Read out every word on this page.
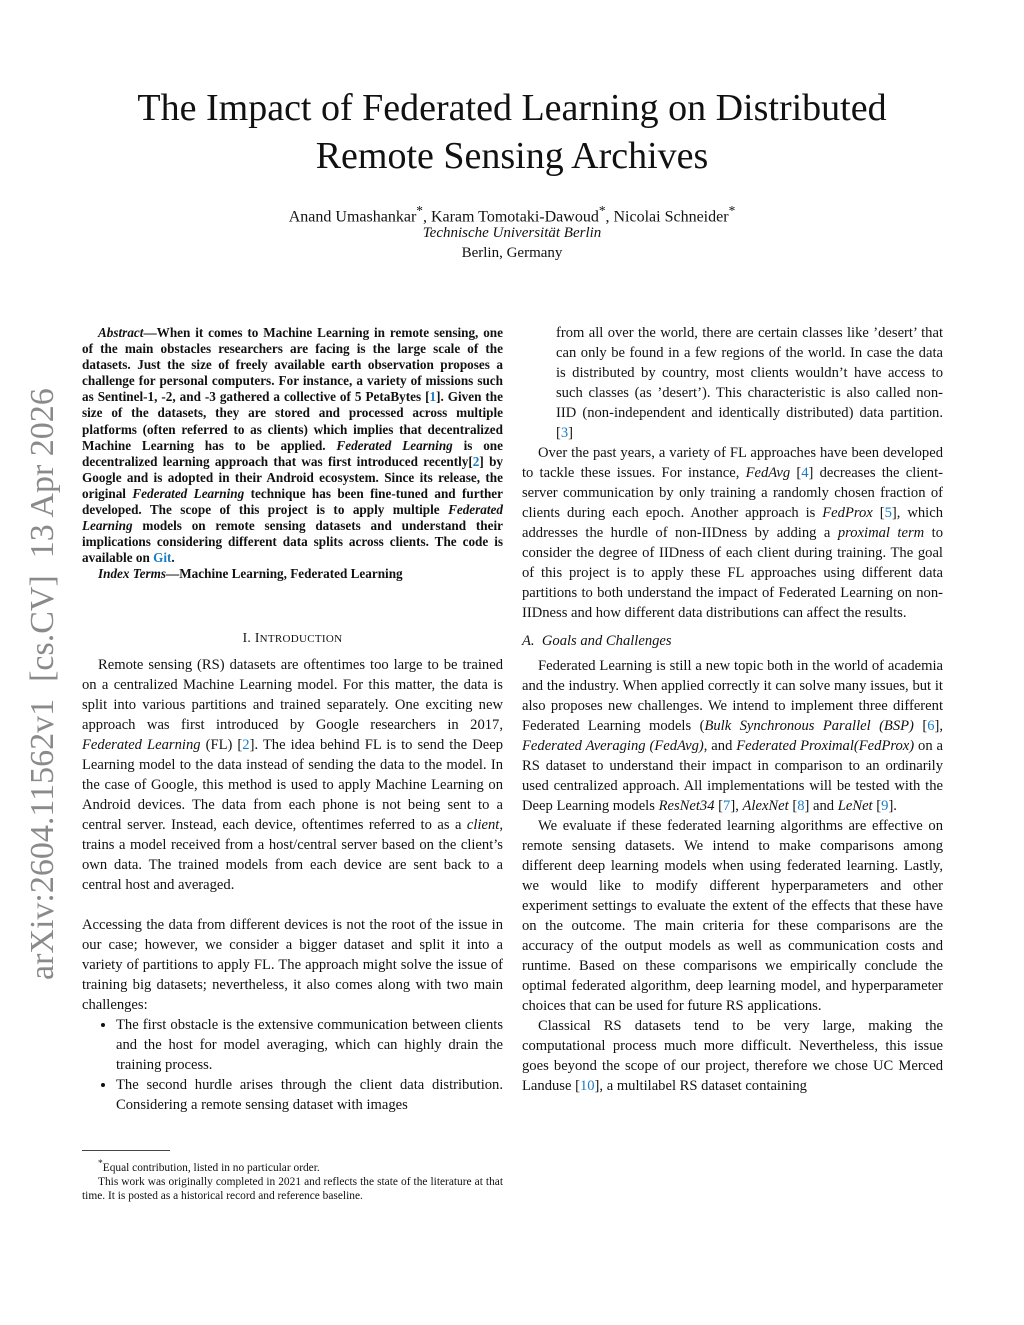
The Impact of Federated Learning on Distributed
Remote Sensing Archives
Anand Umashankar*, Karam Tomotaki-Dawoud*, Nicolai Schneider*
Technische Universität Berlin
Berlin, Germany
arXiv:2604.11562v1  [cs.CV]  13 Apr 2026

Abstract—When it comes to Machine Learning in remote sensing, one of the main obstacles researchers are facing is the large scale of the datasets. Just the size of freely available earth observation proposes a challenge for personal computers. For instance, a variety of missions such as Sentinel-1, -2, and -3 gathered a collective of 5 PetaBytes [1]. Given the size of the datasets, they are stored and processed across multiple platforms (often referred to as clients) which implies that decentralized Machine Learning has to be applied. Federated Learning is one decentralized learning approach that was first introduced recently[2] by Google and is adopted in their Android ecosystem. Since its release, the original Federated Learning technique has been fine-tuned and further developed. The scope of this project is to apply multiple Federated Learning models on remote sensing datasets and understand their implications considering different data splits across clients. The code is available on Git.

Index Terms—Machine Learning, Federated Learning

I. INTRODUCTION

Remote sensing (RS) datasets are oftentimes too large to be trained on a centralized Machine Learning model. For this matter, the data is split into various partitions and trained separately. One exciting new approach was first introduced by Google researchers in 2017, Federated Learning (FL) [2]. The idea behind FL is to send the Deep Learning model to the data instead of sending the data to the model. In the case of Google, this method is used to apply Machine Learning on Android devices. The data from each phone is not being sent to a central server. Instead, each device, oftentimes referred to as a client, trains a model received from a host/central server based on the client’s own data. The trained models from each device are sent back to a central host and averaged.

Accessing the data from different devices is not the root of the issue in our case; however, we consider a bigger dataset and split it into a variety of partitions to apply FL. The approach might solve the issue of training big datasets; nevertheless, it also comes along with two main challenges:

• The first obstacle is the extensive communication between clients and the host for model averaging, which can highly drain the training process.
• The second hurdle arises through the client data distribution. Considering a remote sensing dataset with images

*Equal contribution, listed in no particular order.

This work was originally completed in 2021 and reflects the state of the literature at that time. It is posted as a historical record and reference baseline.

from all over the world, there are certain classes like ’desert’ that can only be found in a few regions of the world. In case the data is distributed by country, most clients wouldn’t have access to such classes (as ’desert’). This characteristic is also called non-IID (non-independent and identically distributed) data partition. [3]

Over the past years, a variety of FL approaches have been developed to tackle these issues. For instance, FedAvg [4] decreases the client-server communication by only training a randomly chosen fraction of clients during each epoch. Another approach is FedProx [5], which addresses the hurdle of non-IIDness by adding a proximal term to consider the degree of IIDness of each client during training. The goal of this project is to apply these FL approaches using different data partitions to both understand the impact of Federated Learning on non-IIDness and how different data distributions can affect the results.

A.  Goals and Challenges

Federated Learning is still a new topic both in the world of academia and the industry. When applied correctly it can solve many issues, but it also proposes new challenges. We intend to implement three different Federated Learning models (Bulk Synchronous Parallel (BSP) [6], Federated Averaging (FedAvg), and Federated Proximal(FedProx) on a RS dataset to understand their impact in comparison to an ordinarily used centralized approach. All implementations will be tested with the Deep Learning models ResNet34 [7], AlexNet [8] and LeNet [9].

We evaluate if these federated learning algorithms are effective on remote sensing datasets. We intend to make comparisons among different deep learning models when using federated learning. Lastly, we would like to modify different hyperparameters and other experiment settings to evaluate the extent of the effects that these have on the outcome. The main criteria for these comparisons are the accuracy of the output models as well as communication costs and runtime. Based on these comparisons we empirically conclude the optimal federated algorithm, deep learning model, and hyperparameter choices that can be used for future RS applications.

Classical RS datasets tend to be very large, making the computational process much more difficult. Nevertheless, this issue goes beyond the scope of our project, therefore we chose UC Merced Landuse [10], a multilabel RS dataset containing
